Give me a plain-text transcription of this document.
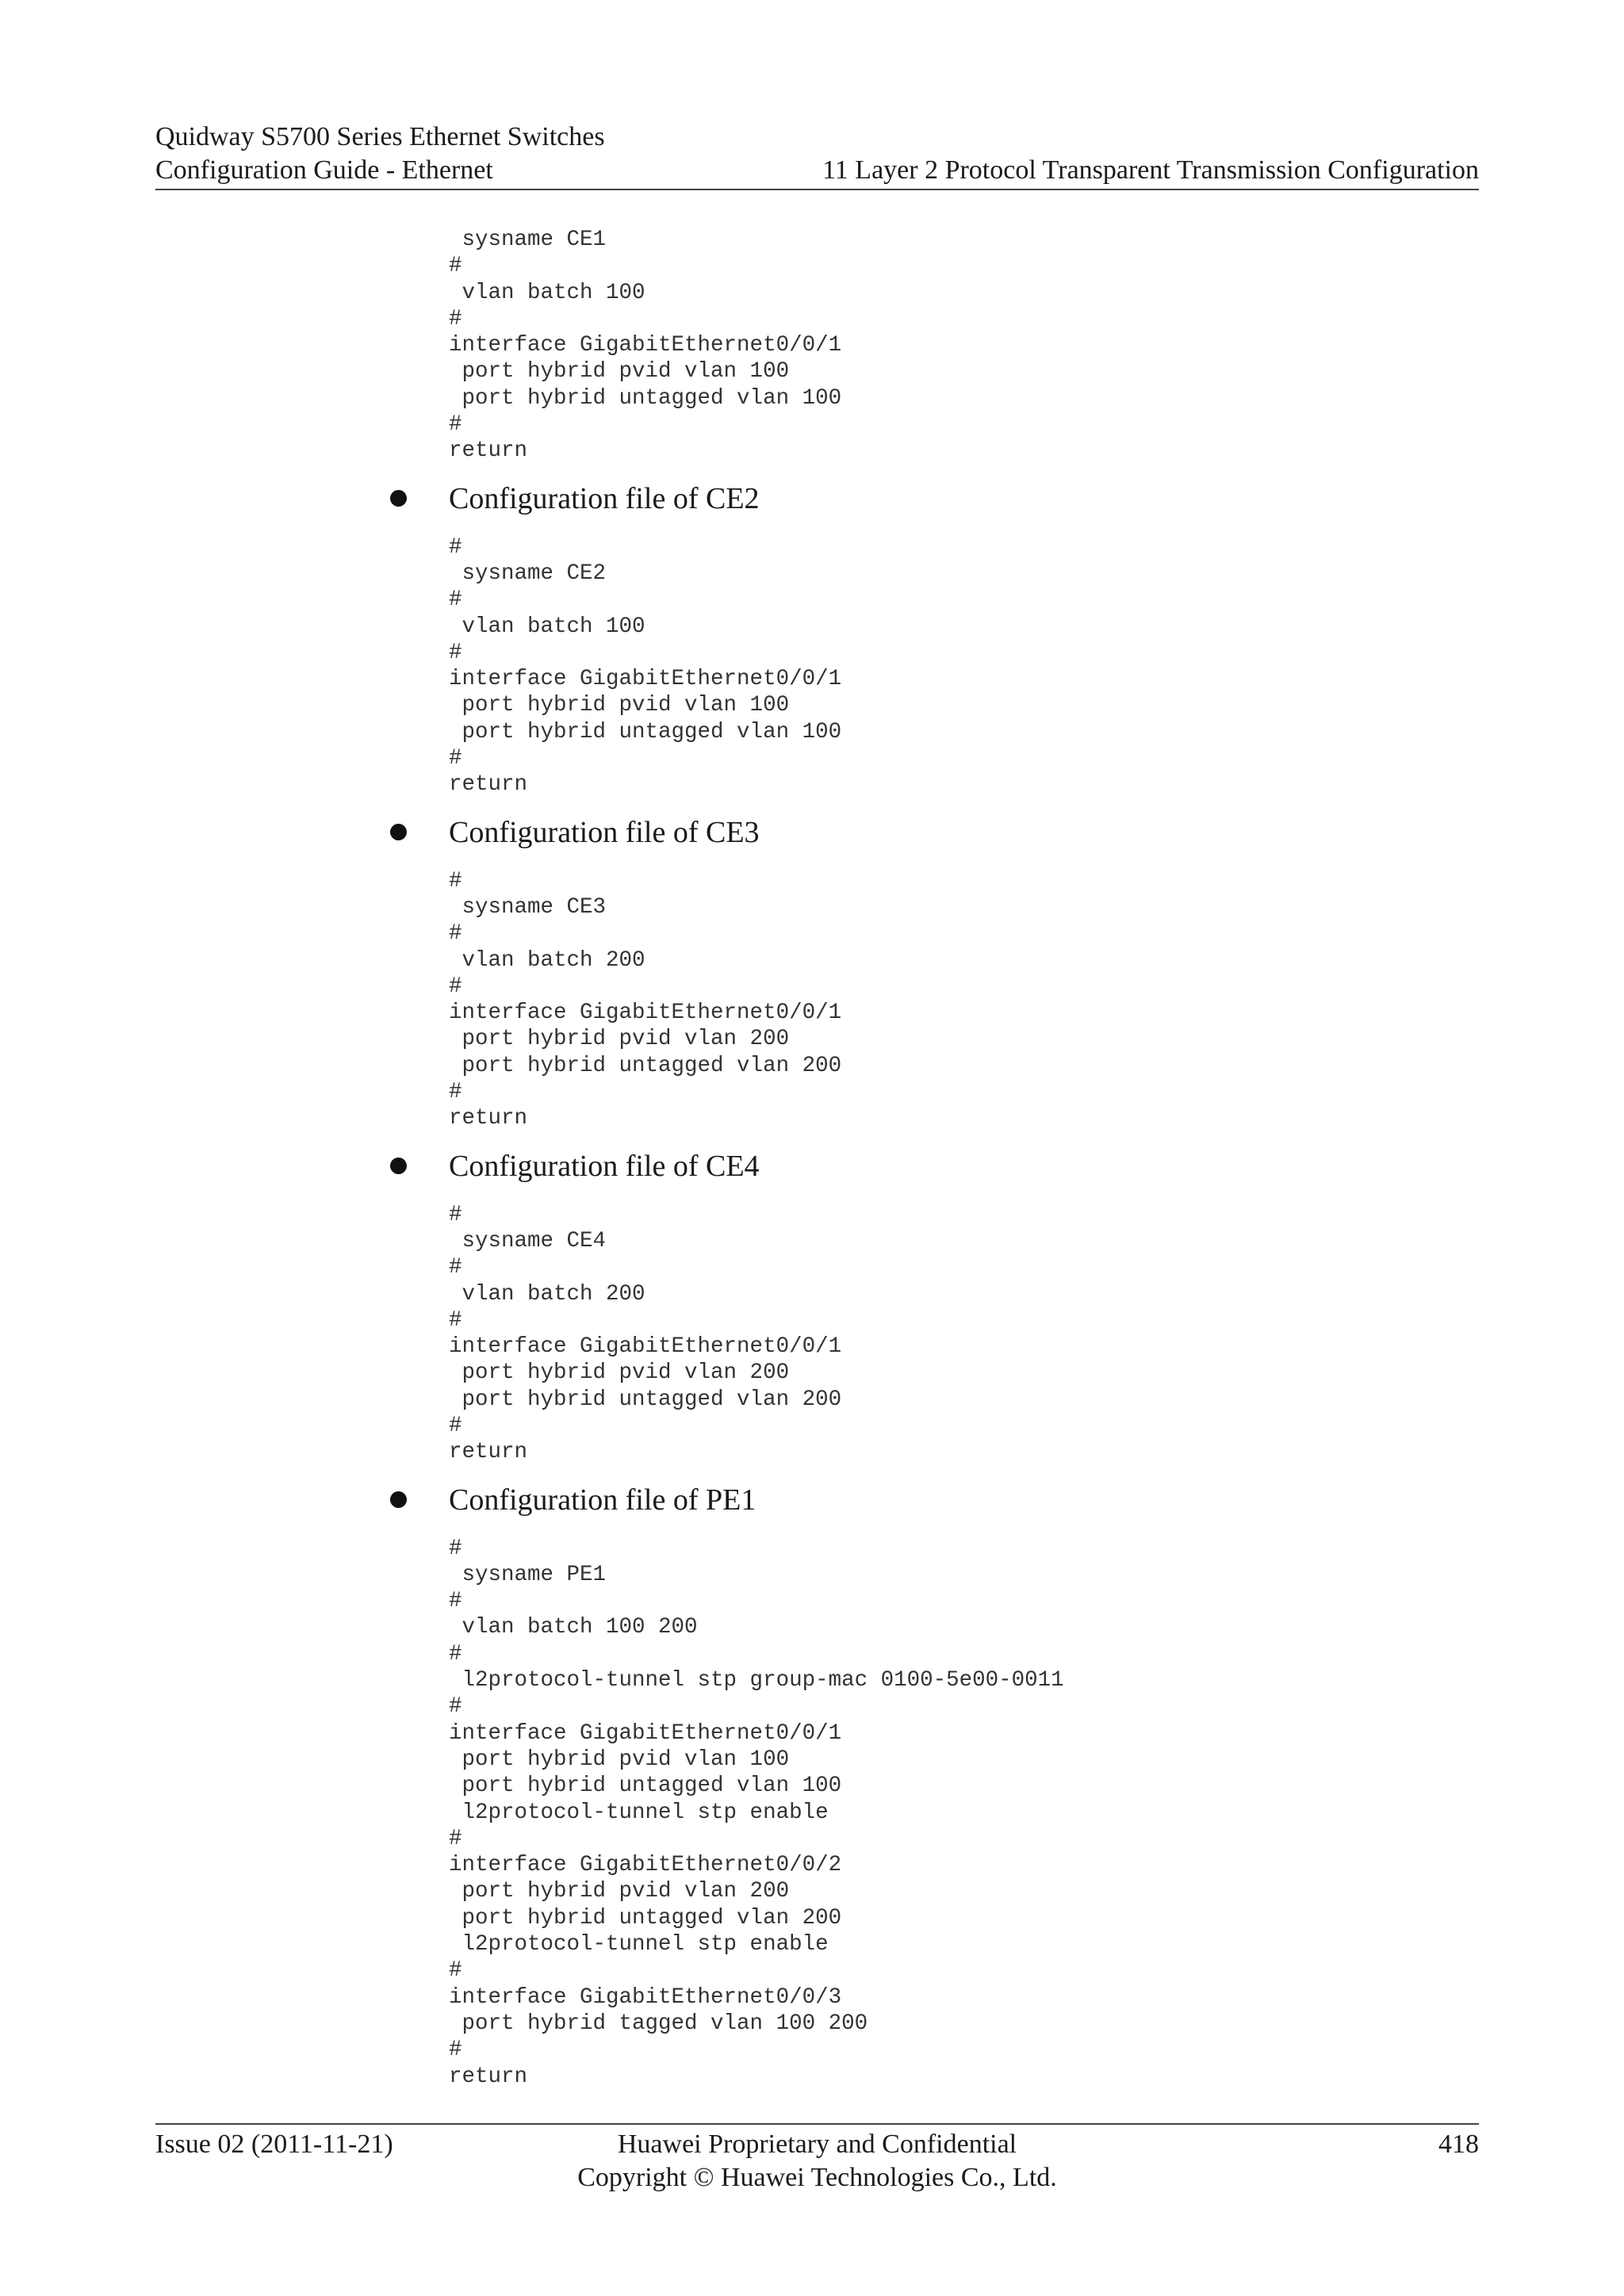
Quidway S5700 Series Ethernet Switches
Configuration Guide - Ethernet	11 Layer 2 Protocol Transparent Transmission Configuration
sysname CE1
#
vlan batch 100
#
interface GigabitEthernet0/0/1
port hybrid pvid vlan 100
port hybrid untagged vlan 100
#
return
Configuration file of CE2
#
sysname CE2
#
vlan batch 100
#
interface GigabitEthernet0/0/1
port hybrid pvid vlan 100
port hybrid untagged vlan 100
#
return
Configuration file of CE3
#
sysname CE3
#
vlan batch 200
#
interface GigabitEthernet0/0/1
port hybrid pvid vlan 200
port hybrid untagged vlan 200
#
return
Configuration file of CE4
#
sysname CE4
#
vlan batch 200
#
interface GigabitEthernet0/0/1
port hybrid pvid vlan 200
port hybrid untagged vlan 200
#
return
Configuration file of PE1
#
sysname PE1
#
vlan batch 100 200
#
l2protocol-tunnel stp group-mac 0100-5e00-0011
#
interface GigabitEthernet0/0/1
port hybrid pvid vlan 100
port hybrid untagged vlan 100
l2protocol-tunnel stp enable
#
interface GigabitEthernet0/0/2
port hybrid pvid vlan 200
port hybrid untagged vlan 200
l2protocol-tunnel stp enable
#
interface GigabitEthernet0/0/3
port hybrid tagged vlan 100 200
#
return
Issue 02 (2011-11-21)	Huawei Proprietary and Confidential
Copyright © Huawei Technologies Co., Ltd.
418
